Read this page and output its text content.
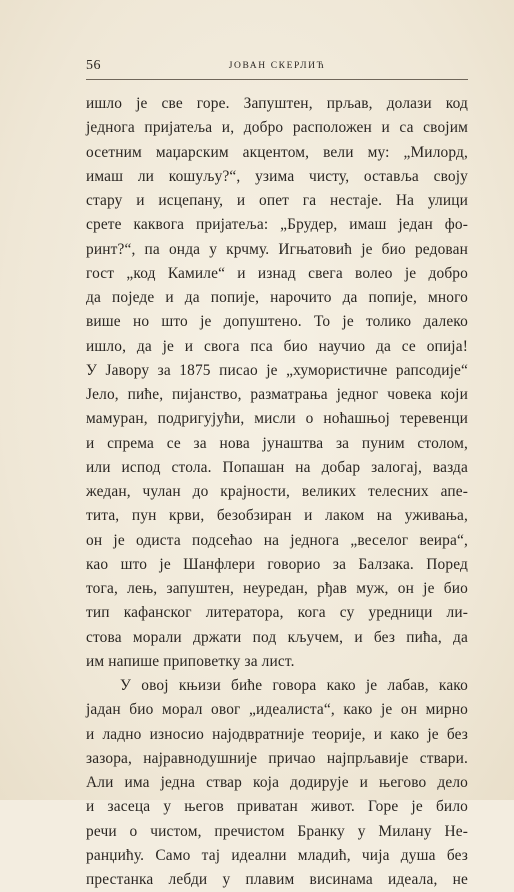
56	ЈОВАН СКЕРЛИЋ
ишло је све горе. Запуштен, прљав, долази код
једнога пријатеља и, добро расположен и са својим
осетним маџарским акцентом, вели му: „Милорд,
имаш ли кошуљу?“, узима чисту, оставља своју
стару и исцепану, и опет га нестаје. На улици
срете каквога пријатеља: „Брудер, имаш један фо-
ринт?“, па онда у крчму. Игњатовић је био редован
гост „код Камиле“ и изнад свега волео је добро
да поједе и да попије, нарочито да попије, много
више но што је допуштено. То је толико далеко
ишло, да је и свога пса био научио да се опија!
У Јавору за 1875 писао је „хумористичне рапсодије“
Јело, пиће, пијанство, разматрања једног човека који
мамуран, подригујући, мисли о ноћашњој теревенци
и спрема се за нова јунаштва за пуним столом,
или испод стола. Попашан на добар залогај, вазда
жедан, чулан до крајности, великих телесних апе-
тита, пун крви, безобзиран и лаком на уживања,
он је одиста подсећао на једнога „веселог веира“,
као што је Шанфлери говорио за Балзака. Поред
тога, лењ, запуштен, неуредан, рђав муж, он је био
тип кафанског литератора, кога су уредници ли-
стова морали држати под кључем, и без пића, да
им напише приповетку за лист.
У овој књизи биће говора како је лабав, како
јадан био морал овог „идеалиста“, како је он мирно
и ладно износио најодвратније теорије, и како је без
зазора, најравнодушније причао најпрљавије ствари.
Али има једна ствар која додирује и његово дело
и засеца у његов приватан живот. Горе је било
речи о чистом, пречистом Бранку у Милану Не-
ранџићу. Само тај идеални младић, чија душа без
престанка лебди у плавим висинама идеала, не
